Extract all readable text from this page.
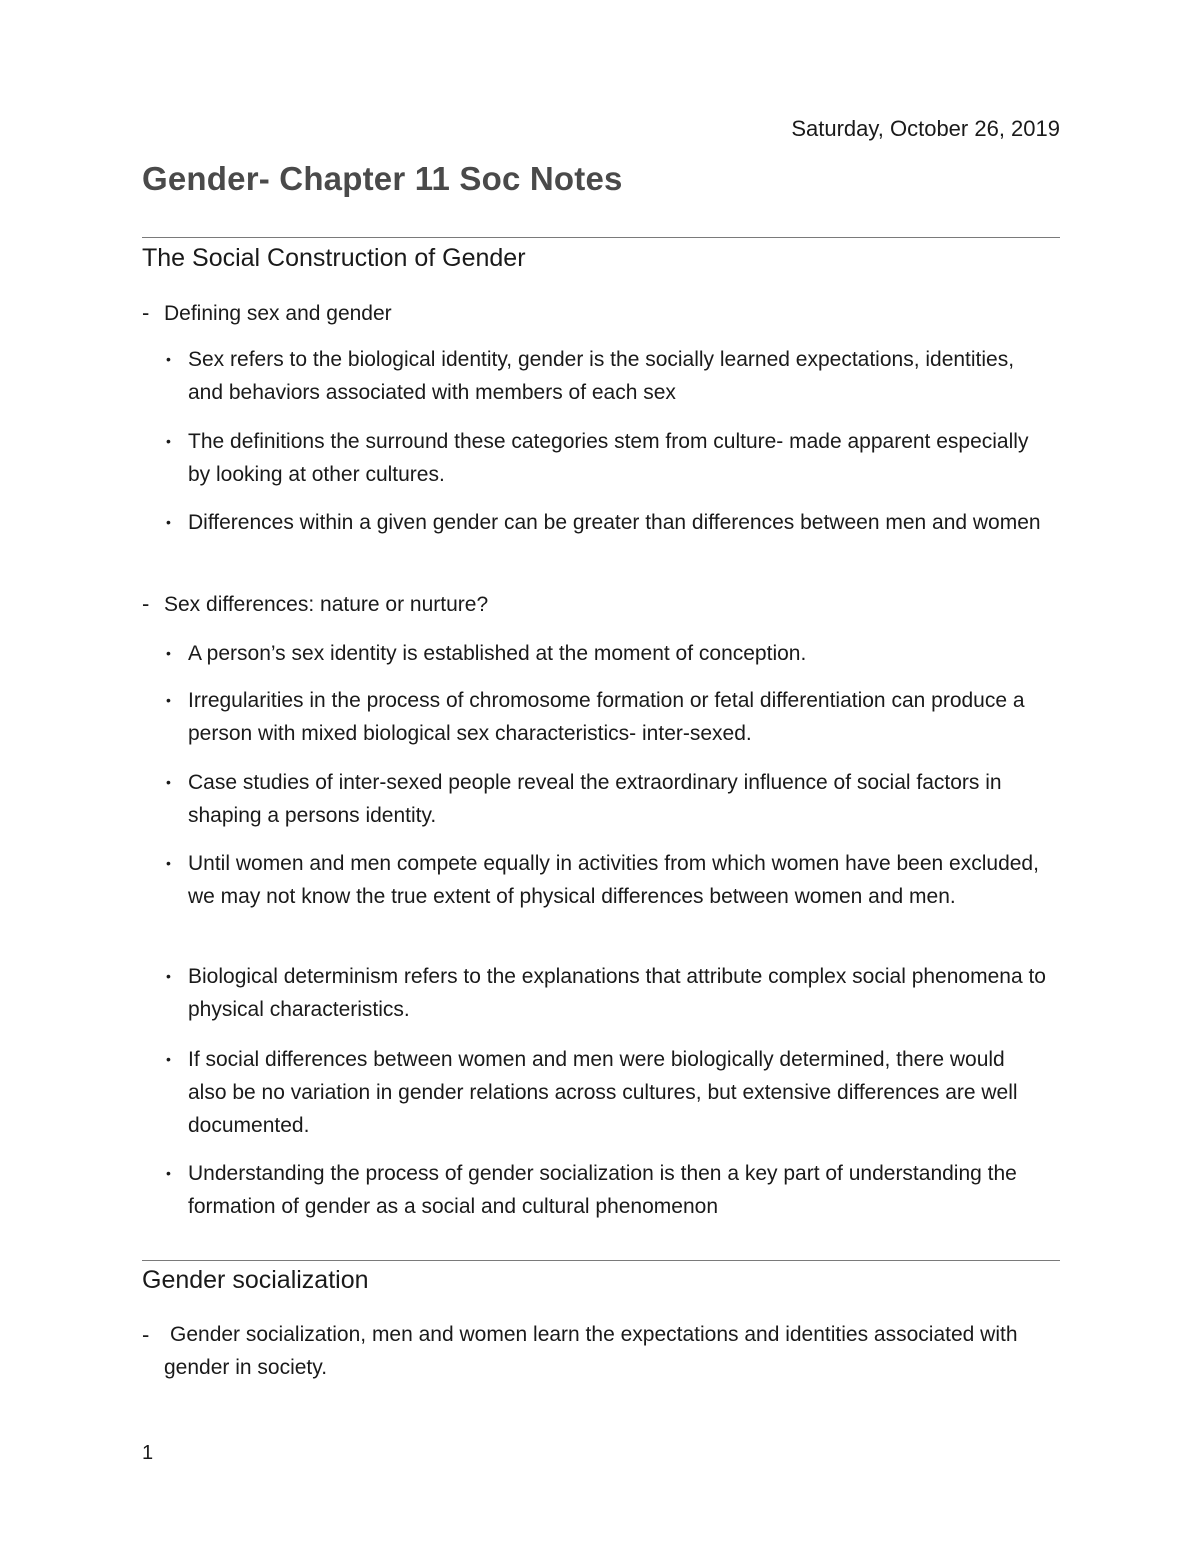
Saturday, October 26, 2019
Gender- Chapter 11 Soc Notes
The Social Construction of Gender
- Defining sex and gender
• Sex refers to the biological identity, gender is the socially learned expectations, identities, and behaviors associated with members of each sex
• The definitions the surround these categories stem from culture- made apparent especially by looking at other cultures.
• Differences within a given gender can be greater than differences between men and women
- Sex differences: nature or nurture?
• A person’s sex identity is established at the moment of conception.
• Irregularities in the process of chromosome formation or fetal differentiation can produce a person with mixed biological sex characteristics- inter-sexed.
• Case studies of inter-sexed people reveal the extraordinary influence of social factors in shaping a persons identity.
• Until women and men compete equally in activities from which women have been excluded, we may not know the true extent of physical differences between women and men.
• Biological determinism refers to the explanations that attribute complex social phenomena to physical characteristics.
• If social differences between women and men were biologically determined, there would also be no variation in gender relations across cultures, but extensive differences are well documented.
• Understanding the process of gender socialization is then a key part of understanding the formation of gender as a social and cultural phenomenon
Gender socialization
- Gender socialization, men and women learn the expectations and identities associated with gender in society.
1
